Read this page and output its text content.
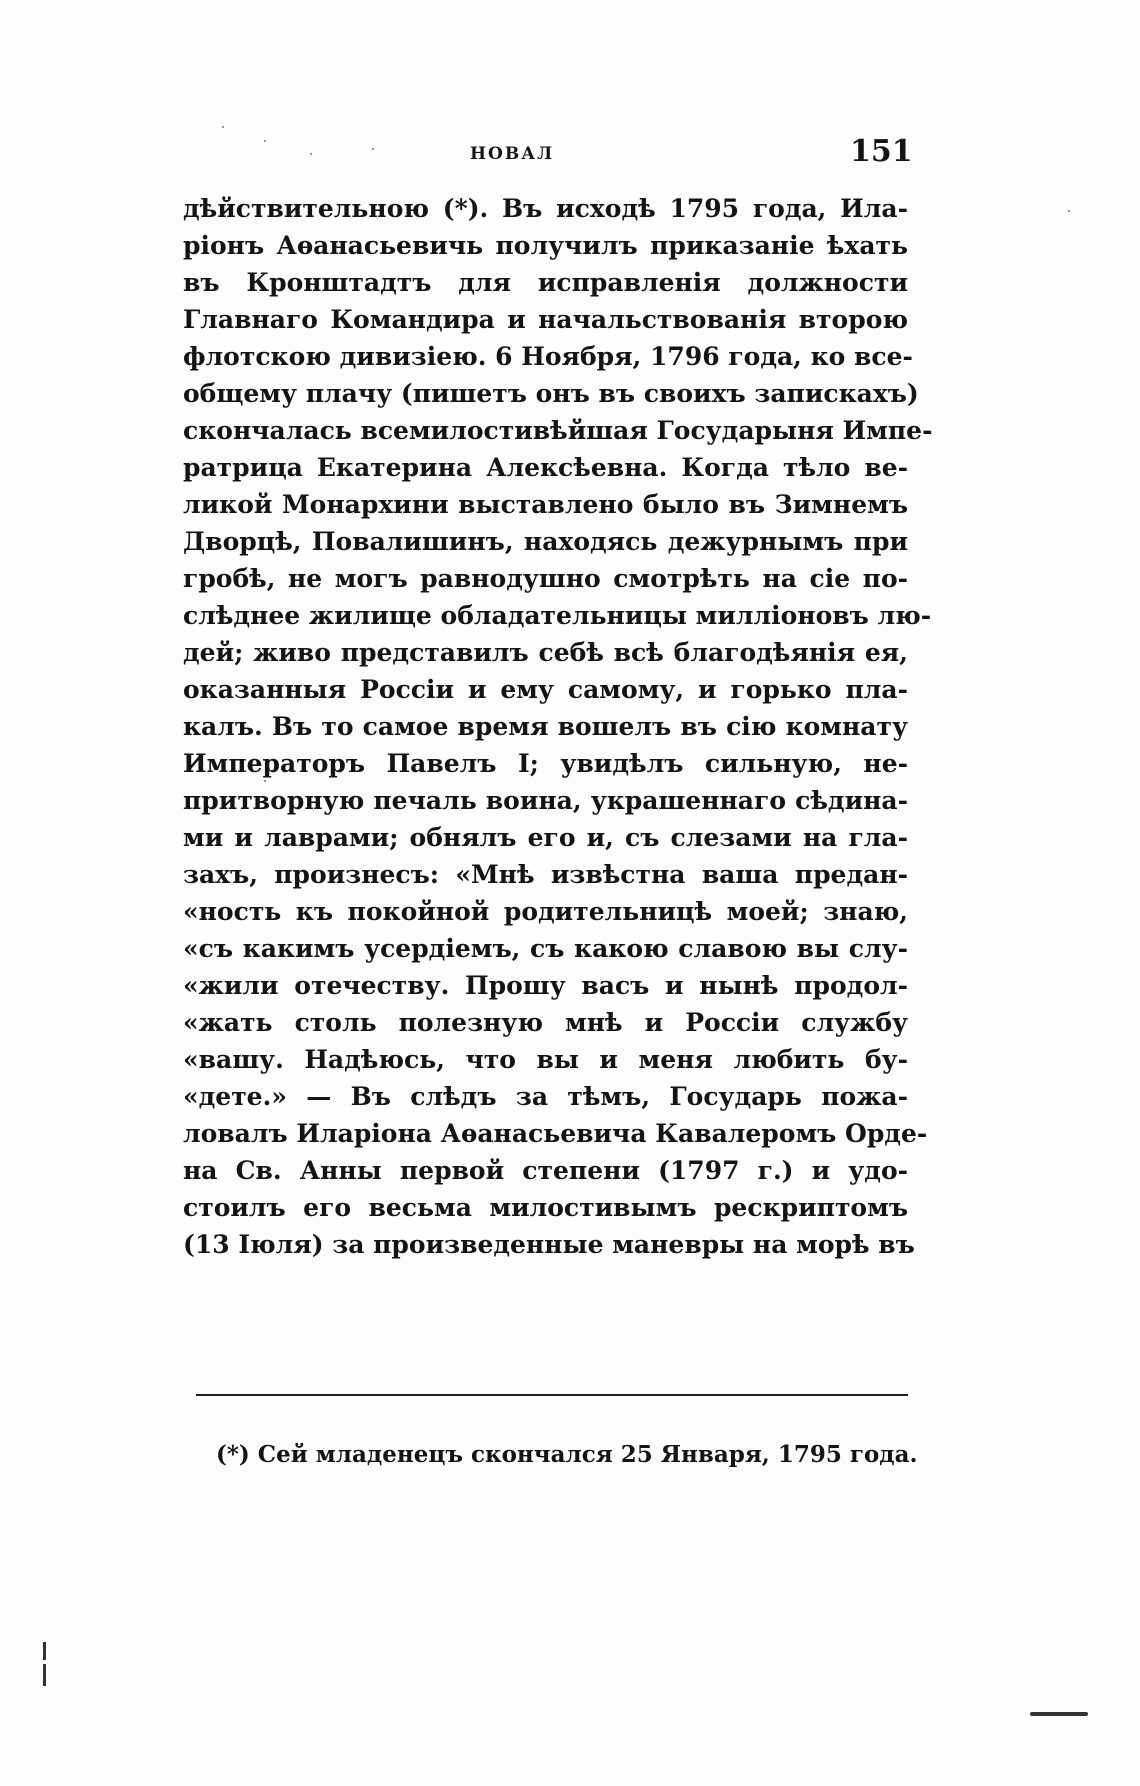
НОВАЛ	151
дѣйствительною (*). Въ исходѣ 1795 года, Ила-
ріонъ Аѳанасьевичь получилъ приказаніе ѣхать
въ Кронштадтъ для исправленія должности
Главнаго Командира и начальствованія второю
флотскою дивизіею. 6 Ноября, 1796 года, ко все-
общему плачу (пишетъ онъ въ своихъ запискахъ)
скончалась всемилостивѣйшая Государыня Импе-
ратрица Екатерина Алексѣевна. Когда тѣло ве-
ликой Монархини выставлено было въ Зимнемъ
Дворцѣ, Повалишинъ, находясь дежурнымъ при
гробѣ, не могъ равнодушно смотрѣть на сіе по-
слѣднее жилище обладательницы милліоновъ лю-
дей; живо представилъ себѣ всѣ благодѣянія ея,
оказанныя Россіи и ему самому, и горько пла-
калъ. Въ то самое время вошелъ въ сію комнату
Императоръ Павелъ I; увидѣлъ сильную, не-
притворную печаль воина, украшеннаго сѣдина-
ми и лаврами; обнялъ его и, съ слезами на гла-
захъ, произнесъ: «Мнѣ извѣстна ваша предан-
«ность къ покойной родительницѣ моей; знаю,
«съ какимъ усердіемъ, съ какою славою вы слу-
«жили отечеству. Прошу васъ и нынѣ продол-
«жать столь полезную мнѣ и Россіи службу
«вашу. Надѣюсь, что вы и меня любить бу-
«дете.» — Въ слѣдъ за тѣмъ, Государь пожа-
ловалъ Иларіона Аѳанасьевича Кавалеромъ Орде-
на Св. Анны первой степени (1797 г.) и удо-
стоилъ его весьма милостивымъ рескриптомъ
(13 Іюля) за произведенные маневры на морѣ въ
(*) Сей младенецъ скончался 25 Января, 1795 года.
